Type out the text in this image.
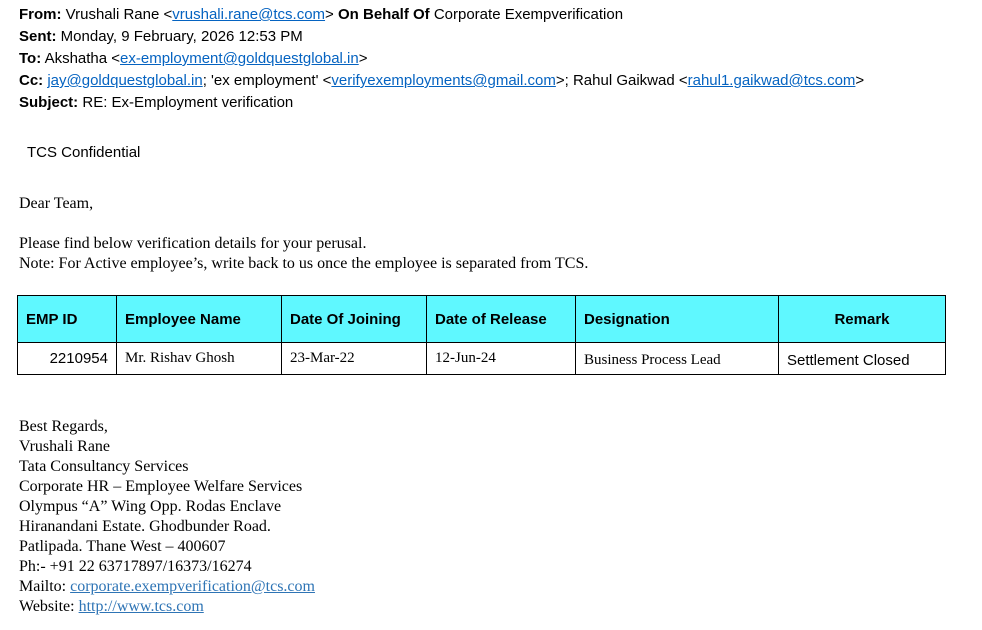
From: Vrushali Rane <vrushali.rane@tcs.com> On Behalf Of Corporate Exempverification
Sent: Monday, 9 February, 2026 12:53 PM
To: Akshatha <ex-employment@goldquestglobal.in>
Cc: jay@goldquestglobal.in; 'ex employment' <verifyexemployments@gmail.com>; Rahul Gaikwad <rahul1.gaikwad@tcs.com>
Subject: RE: Ex-Employment verification
TCS Confidential
Dear Team,
Please find below verification details for your perusal.
Note: For Active employee’s, write back to us once the employee is separated from TCS.
EMP ID	Employee Name	Date Of Joining	Date of Release	Designation	Remark
2210954	Mr. Rishav Ghosh	23-Mar-22	12-Jun-24	Business Process Lead	Settlement Closed
Best Regards,
Vrushali Rane
Tata Consultancy Services
Corporate HR – Employee Welfare Services
Olympus “A” Wing Opp. Rodas Enclave
Hiranandani Estate. Ghodbunder Road.
Patlipada. Thane West – 400607
Ph:- +91 22 63717897/16373/16274
Mailto: corporate.exempverification@tcs.com
Website: http://www.tcs.com
